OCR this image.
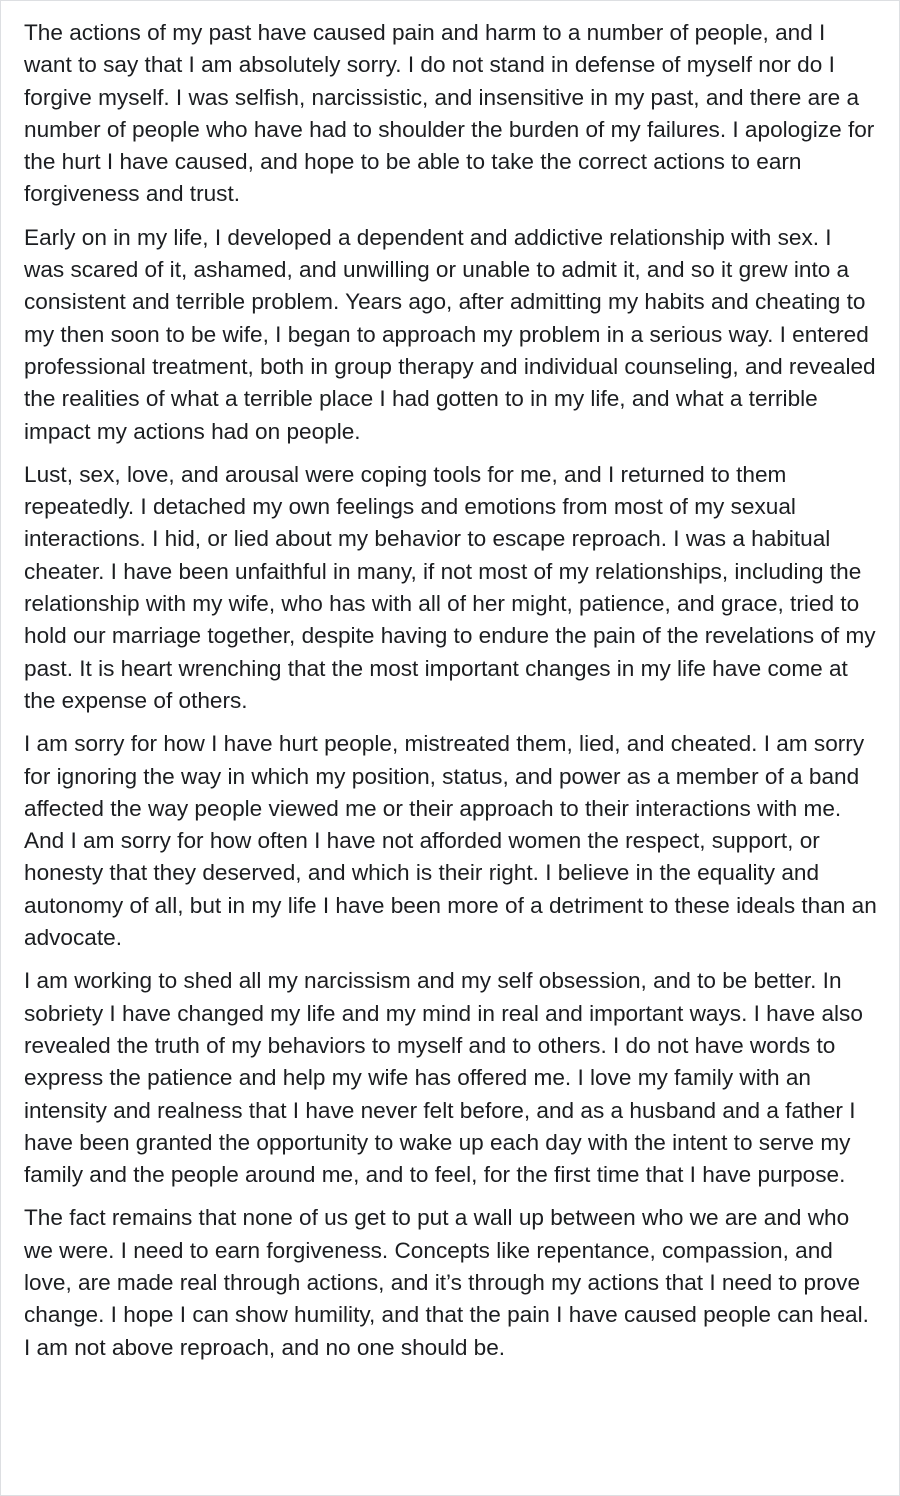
The actions of my past have caused pain and harm to a number of people, and I want to say that I am absolutely sorry. I do not stand in defense of myself nor do I forgive myself. I was selfish, narcissistic, and insensitive in my past, and there are a number of people who have had to shoulder the burden of my failures. I apologize for the hurt I have caused, and hope to be able to take the correct actions to earn forgiveness and trust.

Early on in my life, I developed a dependent and addictive relationship with sex. I was scared of it, ashamed, and unwilling or unable to admit it, and so it grew into a consistent and terrible problem. Years ago, after admitting my habits and cheating to my then soon to be wife, I began to approach my problem in a serious way. I entered professional treatment, both in group therapy and individual counseling, and revealed the realities of what a terrible place I had gotten to in my life, and what a terrible impact my actions had on people.

Lust, sex, love, and arousal were coping tools for me, and I returned to them repeatedly. I detached my own feelings and emotions from most of my sexual interactions. I hid, or lied about my behavior to escape reproach. I was a habitual cheater. I have been unfaithful in many, if not most of my relationships, including the relationship with my wife, who has with all of her might, patience, and grace, tried to hold our marriage together, despite having to endure the pain of the revelations of my past. It is heart wrenching that the most important changes in my life have come at the expense of others.

I am sorry for how I have hurt people, mistreated them, lied, and cheated. I am sorry for ignoring the way in which my position, status, and power as a member of a band affected the way people viewed me or their approach to their interactions with me. And I am sorry for how often I have not afforded women the respect, support, or honesty that they deserved, and which is their right. I believe in the equality and autonomy of all, but in my life I have been more of a detriment to these ideals than an advocate.

I am working to shed all my narcissism and my self obsession, and to be better. In sobriety I have changed my life and my mind in real and important ways. I have also revealed the truth of my behaviors to myself and to others. I do not have words to express the patience and help my wife has offered me. I love my family with an intensity and realness that I have never felt before, and as a husband and a father I have been granted the opportunity to wake up each day with the intent to serve my family and the people around me, and to feel, for the first time that I have purpose.

The fact remains that none of us get to put a wall up between who we are and who we were. I need to earn forgiveness. Concepts like repentance, compassion, and love, are made real through actions, and it’s through my actions that I need to prove change. I hope I can show humility, and that the pain I have caused people can heal. I am not above reproach, and no one should be.
